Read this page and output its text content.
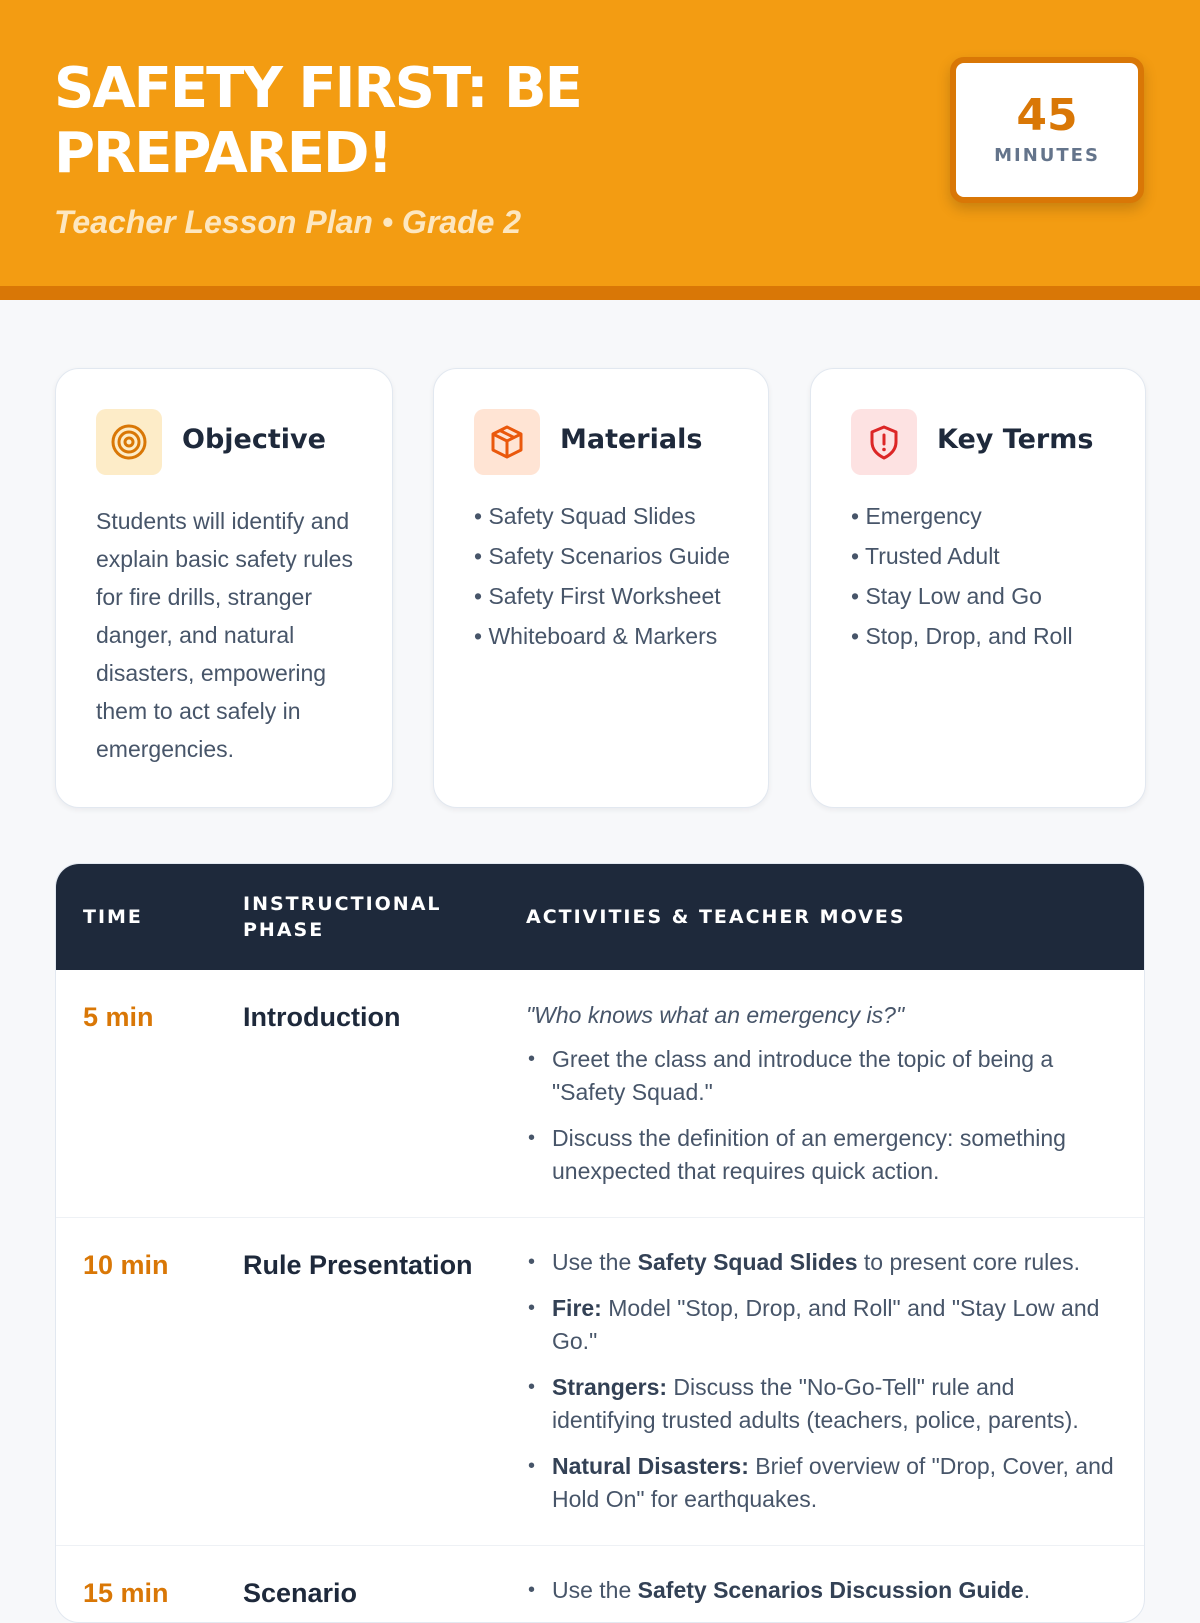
SAFETY FIRST: BE PREPARED!
Teacher Lesson Plan • Grade 2
45
MINUTES
Objective
Students will identify and explain basic safety rules for fire drills, stranger danger, and natural disasters, empowering them to act safely in emergencies.
Materials
• Safety Squad Slides
• Safety Scenarios Guide
• Safety First Worksheet
• Whiteboard & Markers
Key Terms
• Emergency
• Trusted Adult
• Stay Low and Go
• Stop, Drop, and Roll
TIME
INSTRUCTIONAL PHASE
ACTIVITIES & TEACHER MOVES
5 min	Introduction	"Who knows what an emergency is?"
• Greet the class and introduce the topic of being a "Safety Squad."
• Discuss the definition of an emergency: something unexpected that requires quick action.
10 min	Rule Presentation	• Use the Safety Squad Slides to present core rules.
• Fire: Model "Stop, Drop, and Roll" and "Stay Low and Go."
• Strangers: Discuss the "No-Go-Tell" rule and identifying trusted adults (teachers, police, parents).
• Natural Disasters: Brief overview of "Drop, Cover, and Hold On" for earthquakes.
15 min	Scenario	• Use the Safety Scenarios Discussion Guide.
